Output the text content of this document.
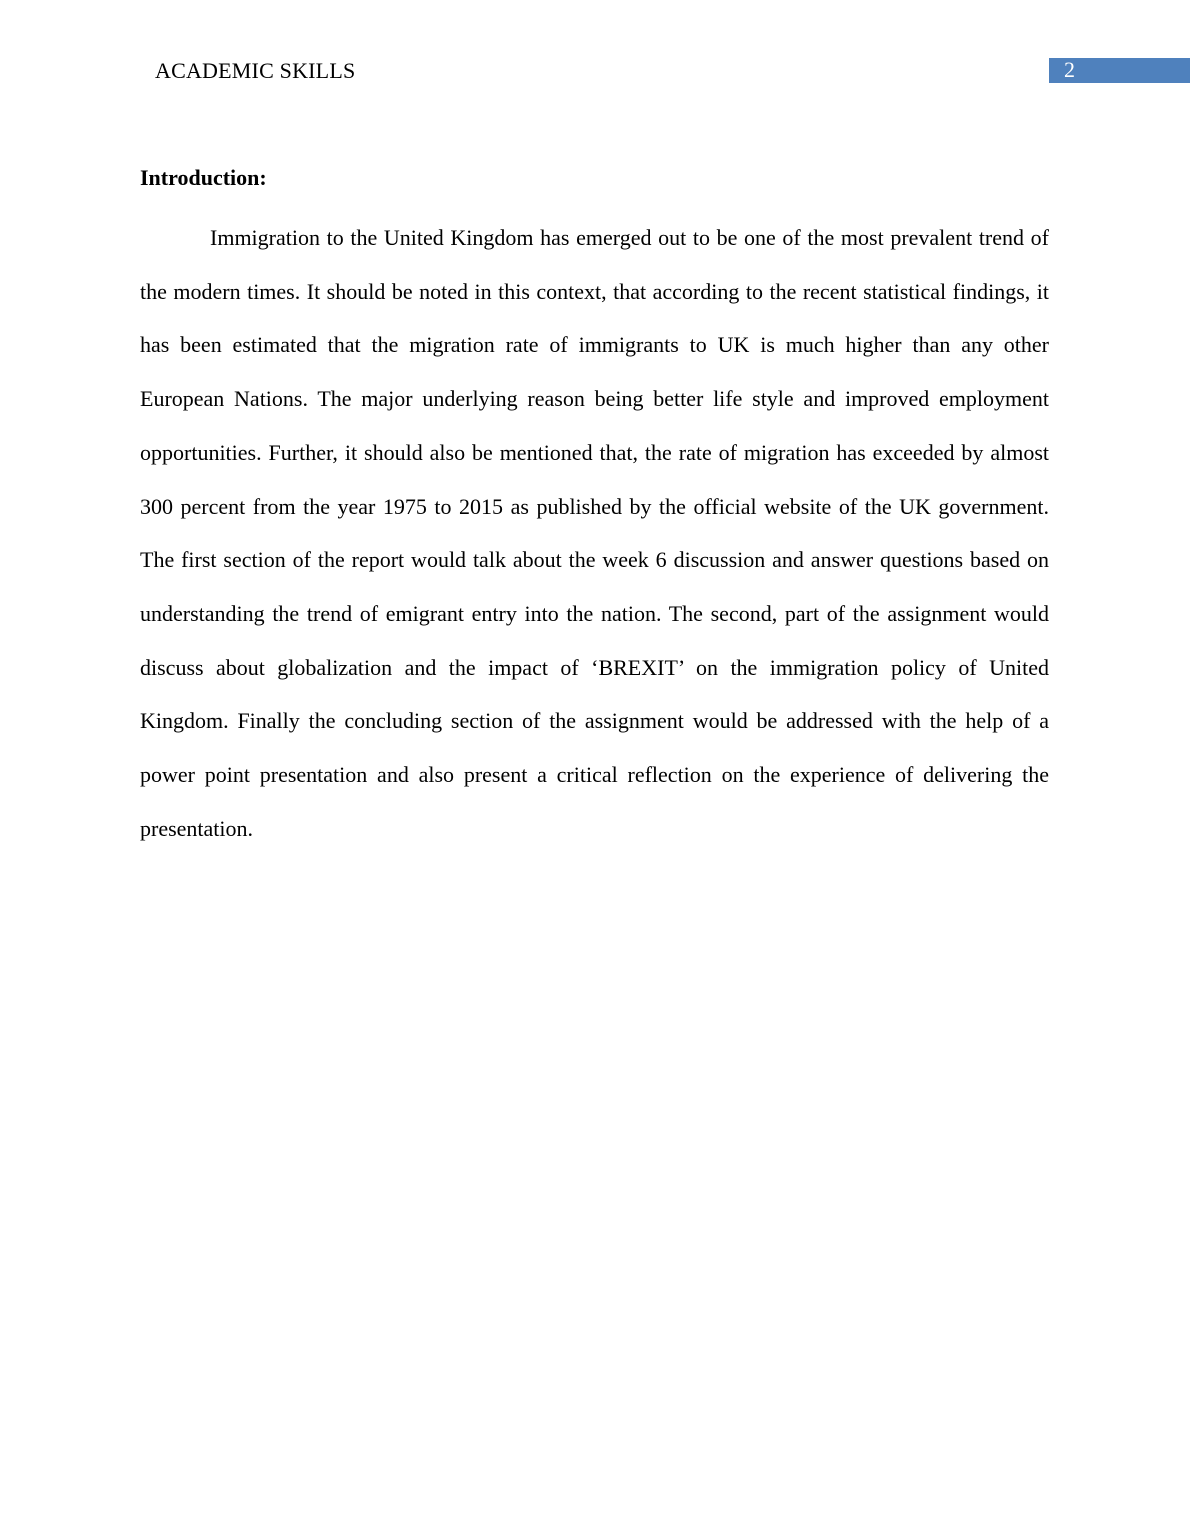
ACADEMIC SKILLS	2
Introduction:

Immigration to the United Kingdom has emerged out to be one of the most prevalent trend of the modern times. It should be noted in this context, that according to the recent statistical findings, it has been estimated that the migration rate of immigrants to UK is much higher than any other European Nations. The major underlying reason being better life style and improved employment opportunities. Further, it should also be mentioned that, the rate of migration has exceeded by almost 300 percent from the year 1975 to 2015 as published by the official website of the UK government. The first section of the report would talk about the week 6 discussion and answer questions based on understanding the trend of emigrant entry into the nation. The second, part of the assignment would discuss about globalization and the impact of ‘BREXIT’ on the immigration policy of United Kingdom. Finally the concluding section of the assignment would be addressed with the help of a power point presentation and also present a critical reflection on the experience of delivering the presentation.
